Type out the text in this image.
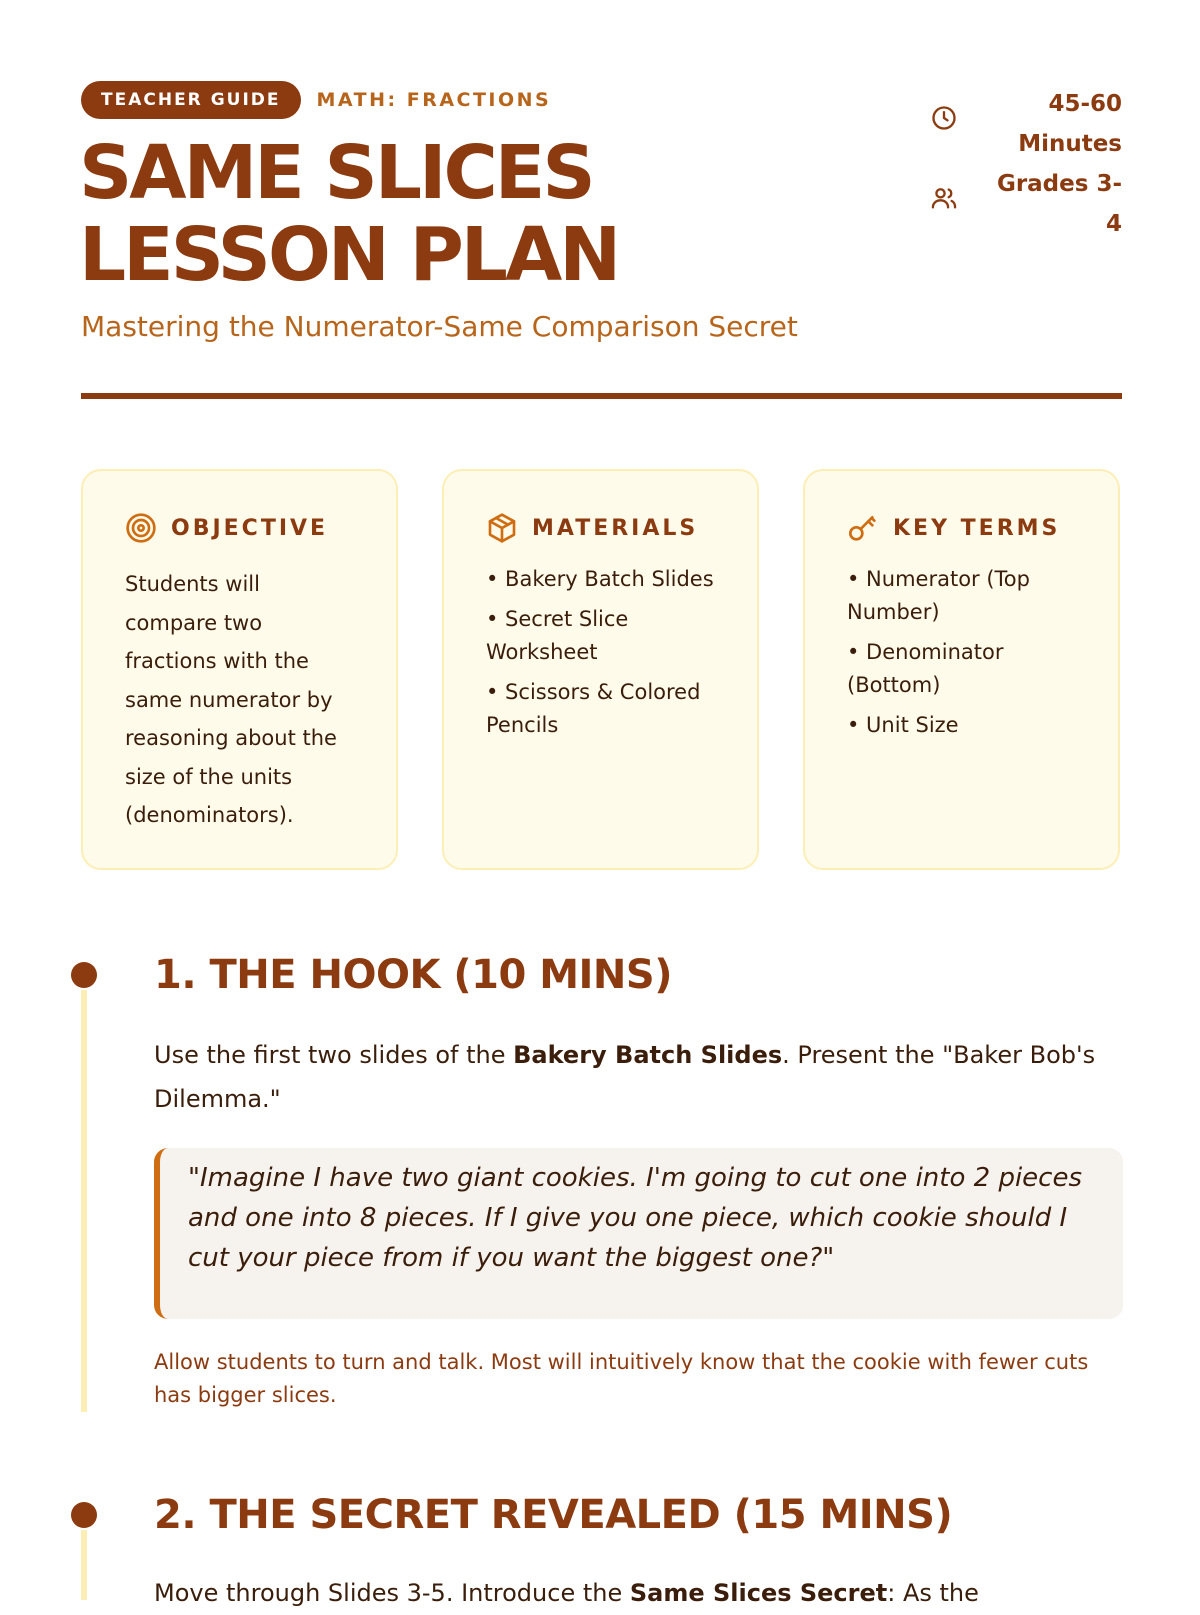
TEACHER GUIDE	MATH: FRACTIONS
SAME SLICES
LESSON PLAN

Mastering the Numerator-Same Comparison Secret

45-60
Minutes
Grades 3-
4
OBJECTIVE
Students will
compare two
fractions with the
same numerator by
reasoning about the
size of the units
(denominators).
MATERIALS
• Bakery Batch Slides
• Secret Slice
Worksheet
• Scissors & Colored
Pencils
KEY TERMS
• Numerator (Top
Number)
• Denominator
(Bottom)
• Unit Size
1. THE HOOK (10 MINS)

Use the first two slides of the Bakery Batch Slides. Present the "Baker Bob's Dilemma."

"Imagine I have two giant cookies. I'm going to cut one into 2 pieces and one into 8 pieces. If I give you one piece, which cookie should I cut your piece from if you want the biggest one?"

Allow students to turn and talk. Most will intuitively know that the cookie with fewer cuts has bigger slices.

2. THE SECRET REVEALED (15 MINS)

Move through Slides 3-5. Introduce the Same Slices Secret: As the
